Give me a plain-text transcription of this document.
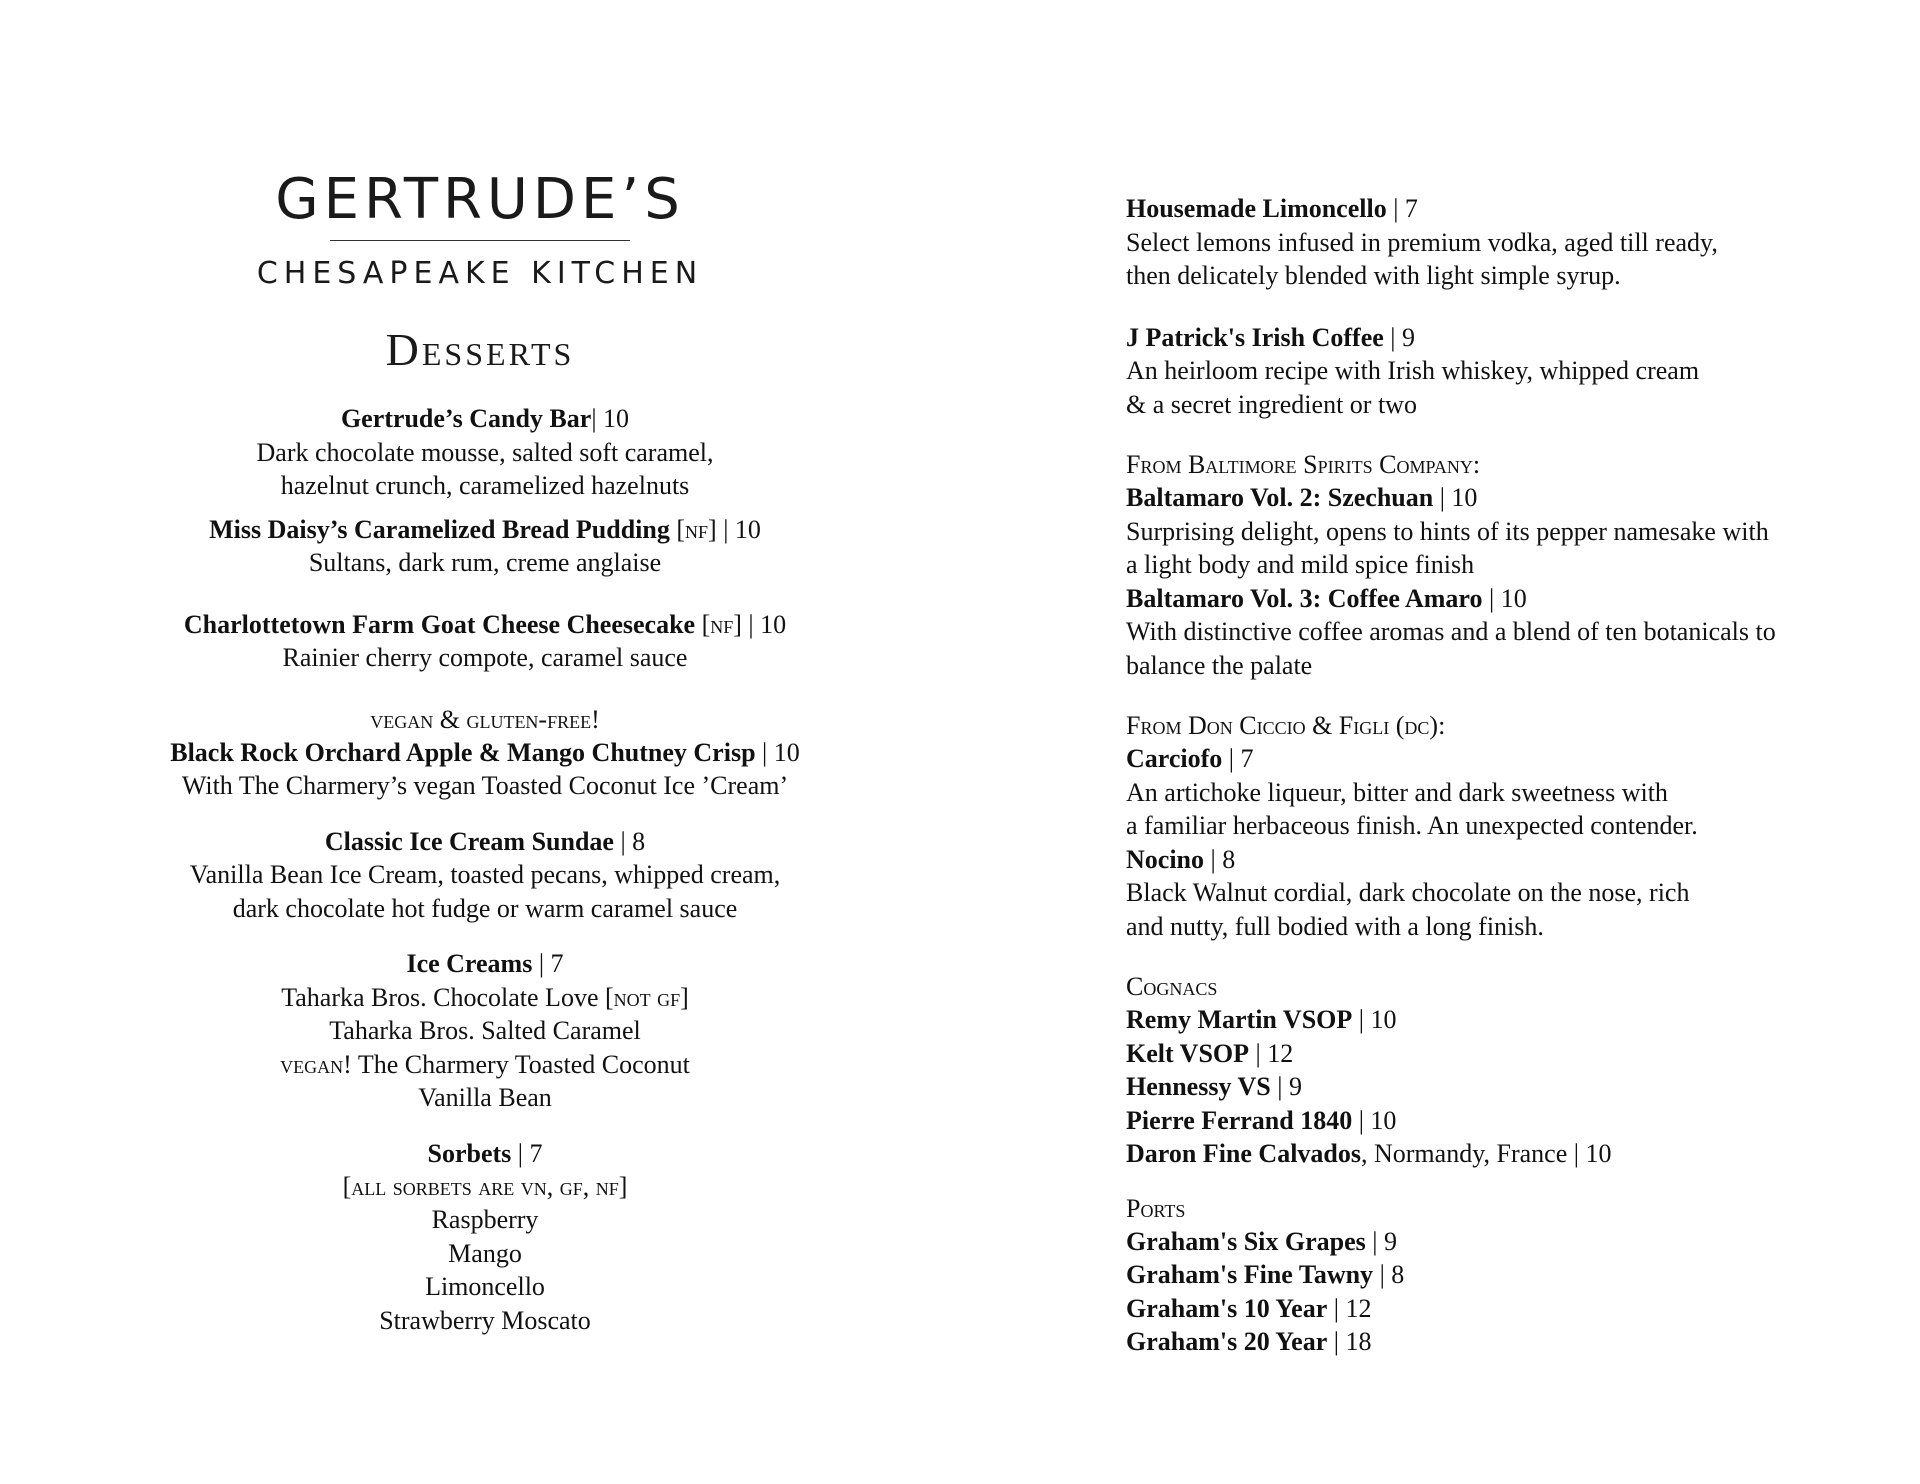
GERTRUDE’S
CHESAPEAKE KITCHEN
Desserts
Gertrude’s Candy Bar| 10
Dark chocolate mousse, salted soft caramel,
hazelnut crunch, caramelized hazelnuts
Miss Daisy’s Caramelized Bread Pudding [nf] | 10
Sultans, dark rum, creme anglaise
Charlottetown Farm Goat Cheese Cheesecake [nf] | 10
Rainier cherry compote, caramel sauce
vegan & gluten-free!
Black Rock Orchard Apple & Mango Chutney Crisp | 10
With The Charmery’s vegan Toasted Coconut Ice ’Cream’
Classic Ice Cream Sundae | 8
Vanilla Bean Ice Cream, toasted pecans, whipped cream,
dark chocolate hot fudge or warm caramel sauce
Ice Creams | 7
Taharka Bros. Chocolate Love [not gf]
Taharka Bros. Salted Caramel
vegan! The Charmery Toasted Coconut
Vanilla Bean
Sorbets | 7
[all sorbets are vn, gf, nf]
Raspberry
Mango
Limoncello
Strawberry Moscato
Housemade Limoncello | 7
Select lemons infused in premium vodka, aged till ready,
then delicately blended with light simple syrup.
J Patrick's Irish Coffee | 9
An heirloom recipe with Irish whiskey, whipped cream
& a secret ingredient or two
From Baltimore Spirits Company:
Baltamaro Vol. 2: Szechuan | 10
Surprising delight, opens to hints of its pepper namesake with
a light body and mild spice finish
Baltamaro Vol. 3: Coffee Amaro | 10
With distinctive coffee aromas and a blend of ten botanicals to
balance the palate
From Don Ciccio & Figli (dc):
Carciofo | 7
An artichoke liqueur, bitter and dark sweetness with
a familiar herbaceous finish. An unexpected contender.
Nocino | 8
Black Walnut cordial, dark chocolate on the nose, rich
and nutty, full bodied with a long finish.
Cognacs
Remy Martin VSOP | 10
Kelt VSOP | 12
Hennessy VS | 9
Pierre Ferrand 1840 | 10
Daron Fine Calvados, Normandy, France | 10
Ports
Graham's Six Grapes | 9
Graham's Fine Tawny | 8
Graham's 10 Year | 12
Graham's 20 Year | 18
